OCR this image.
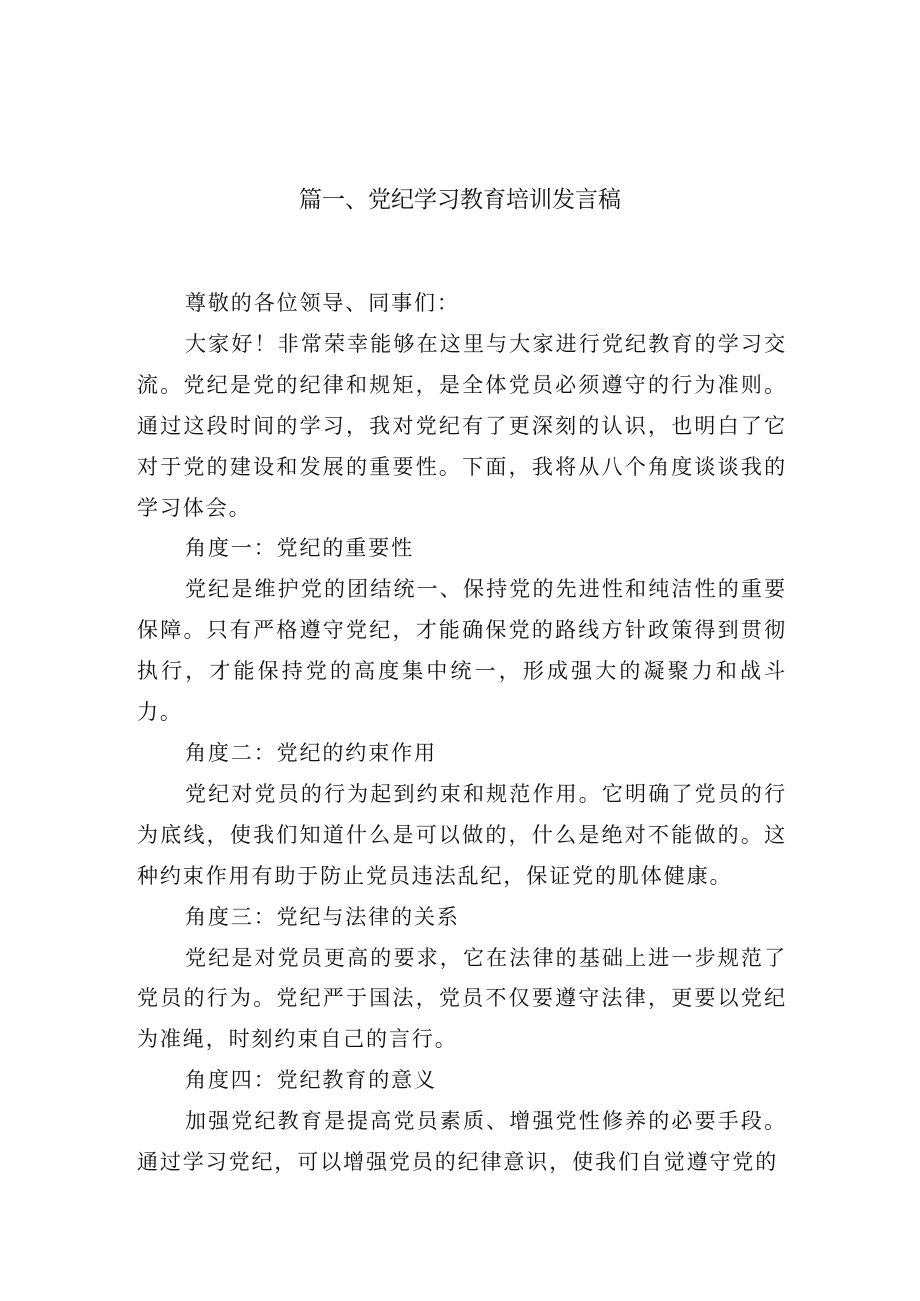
篇一、党纪学习教育培训发言稿

尊敬的各位领导、同事们：

大家好！非常荣幸能够在这里与大家进行党纪教育的学习交流。党纪是党的纪律和规矩，是全体党员必须遵守的行为准则。通过这段时间的学习，我对党纪有了更深刻的认识，也明白了它对于党的建设和发展的重要性。下面，我将从八个角度谈谈我的学习体会。

角度一：党纪的重要性

党纪是维护党的团结统一、保持党的先进性和纯洁性的重要保障。只有严格遵守党纪，才能确保党的路线方针政策得到贯彻执行，才能保持党的高度集中统一，形成强大的凝聚力和战斗力。

角度二：党纪的约束作用

党纪对党员的行为起到约束和规范作用。它明确了党员的行为底线，使我们知道什么是可以做的，什么是绝对不能做的。这种约束作用有助于防止党员违法乱纪，保证党的肌体健康。

角度三：党纪与法律的关系

党纪是对党员更高的要求，它在法律的基础上进一步规范了党员的行为。党纪严于国法，党员不仅要遵守法律，更要以党纪为准绳，时刻约束自己的言行。

角度四：党纪教育的意义

加强党纪教育是提高党员素质、增强党性修养的必要手段。通过学习党纪，可以增强党员的纪律意识，使我们自觉遵守党的
